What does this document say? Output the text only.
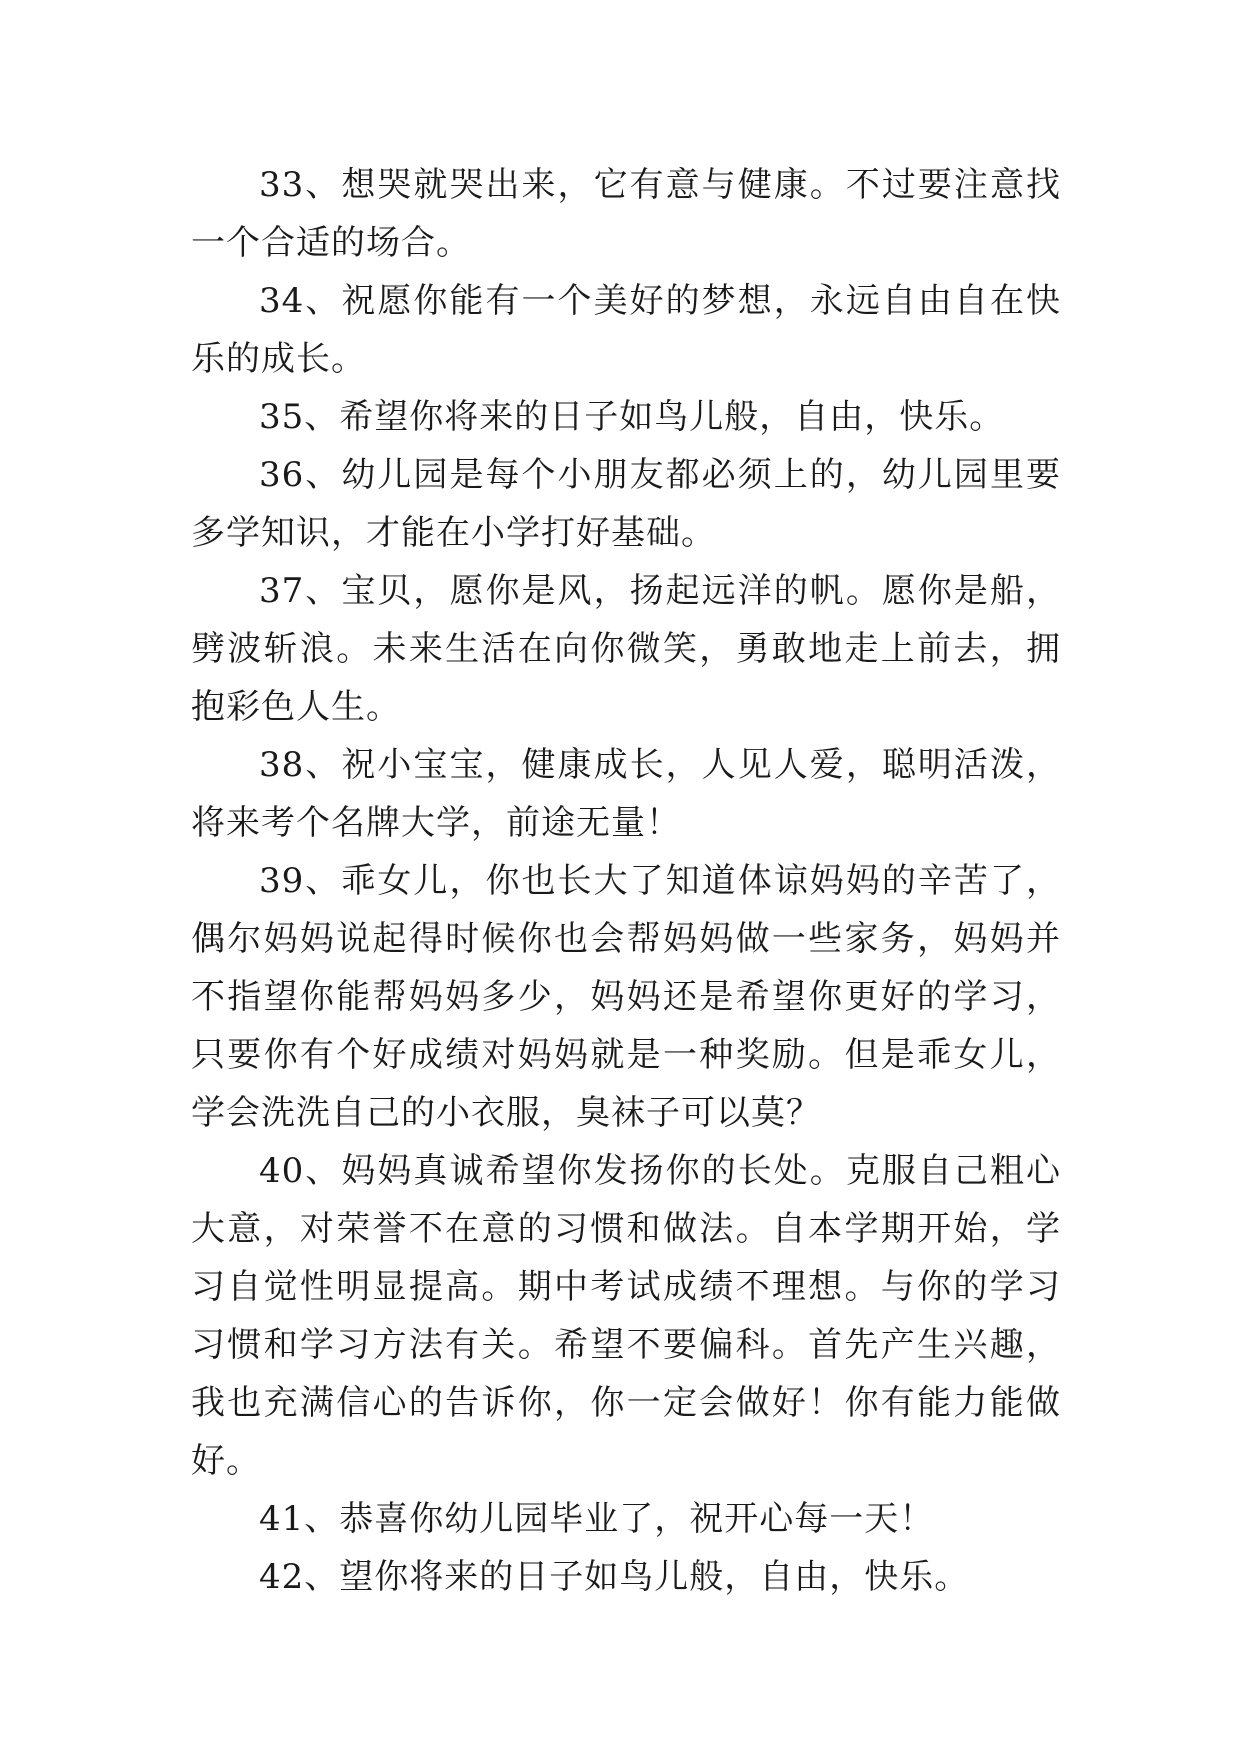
33、想哭就哭出来，它有意与健康。不过要注意找一个合适的场合。

34、祝愿你能有一个美好的梦想，永远自由自在快乐的成长。

35、希望你将来的日子如鸟儿般，自由，快乐。

36、幼儿园是每个小朋友都必须上的，幼儿园里要多学知识，才能在小学打好基础。

37、宝贝，愿你是风，扬起远洋的帆。愿你是船，劈波斩浪。未来生活在向你微笑，勇敢地走上前去，拥抱彩色人生。

38、祝小宝宝，健康成长，人见人爱，聪明活泼，将来考个名牌大学，前途无量！

39、乖女儿，你也长大了知道体谅妈妈的辛苦了，偶尔妈妈说起得时候你也会帮妈妈做一些家务，妈妈并不指望你能帮妈妈多少，妈妈还是希望你更好的学习，只要你有个好成绩对妈妈就是一种奖励。但是乖女儿，学会洗洗自己的小衣服，臭袜子可以莫？

40、妈妈真诚希望你发扬你的长处。克服自己粗心大意，对荣誉不在意的习惯和做法。自本学期开始，学习自觉性明显提高。期中考试成绩不理想。与你的学习习惯和学习方法有关。希望不要偏科。首先产生兴趣，我也充满信心的告诉你，你一定会做好！你有能力能做好。

41、恭喜你幼儿园毕业了，祝开心每一天！

42、望你将来的日子如鸟儿般，自由，快乐。
